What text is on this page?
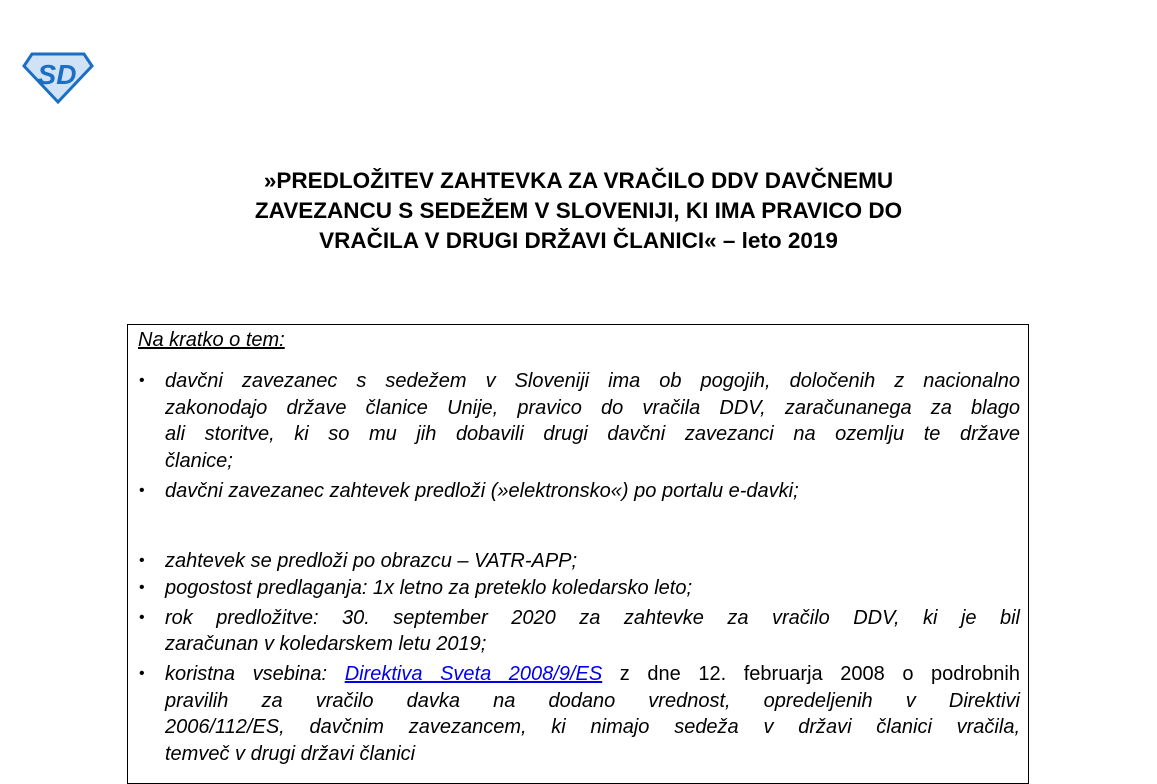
SD
»PREDLOŽITEV ZAHTEVKA ZA VRAČILO DDV DAVČNEMU
ZAVEZANCU S SEDEŽEM V SLOVENIJI, KI IMA PRAVICO DO
VRAČILA V DRUGI DRŽAVI ČLANICI« – leto 2019
Na kratko o tem:
• davčni zavezanec s sedežem v Sloveniji ima ob pogojih, določenih z nacionalno
zakonodajo države članice Unije, pravico do vračila DDV, zaračunanega za blago
ali storitve, ki so mu jih dobavili drugi davčni zavezanci na ozemlju te države
članice;
• davčni zavezanec zahtevek predloži (»elektronsko«) po portalu e-davki;
• zahtevek se predloži po obrazcu – VATR-APP;
• pogostost predlaganja: 1x letno za preteklo koledarsko leto;
• rok predložitve: 30. september 2020 za zahtevke za vračilo DDV, ki je bil
zaračunan v koledarskem letu 2019;
• koristna vsebina: Direktiva Sveta 2008/9/ES z dne 12. februarja 2008 o podrobnih
pravilih za vračilo davka na dodano vrednost, opredeljenih v Direktivi
2006/112/ES, davčnim zavezancem, ki nimajo sedeža v državi članici vračila,
temveč v drugi državi članici
